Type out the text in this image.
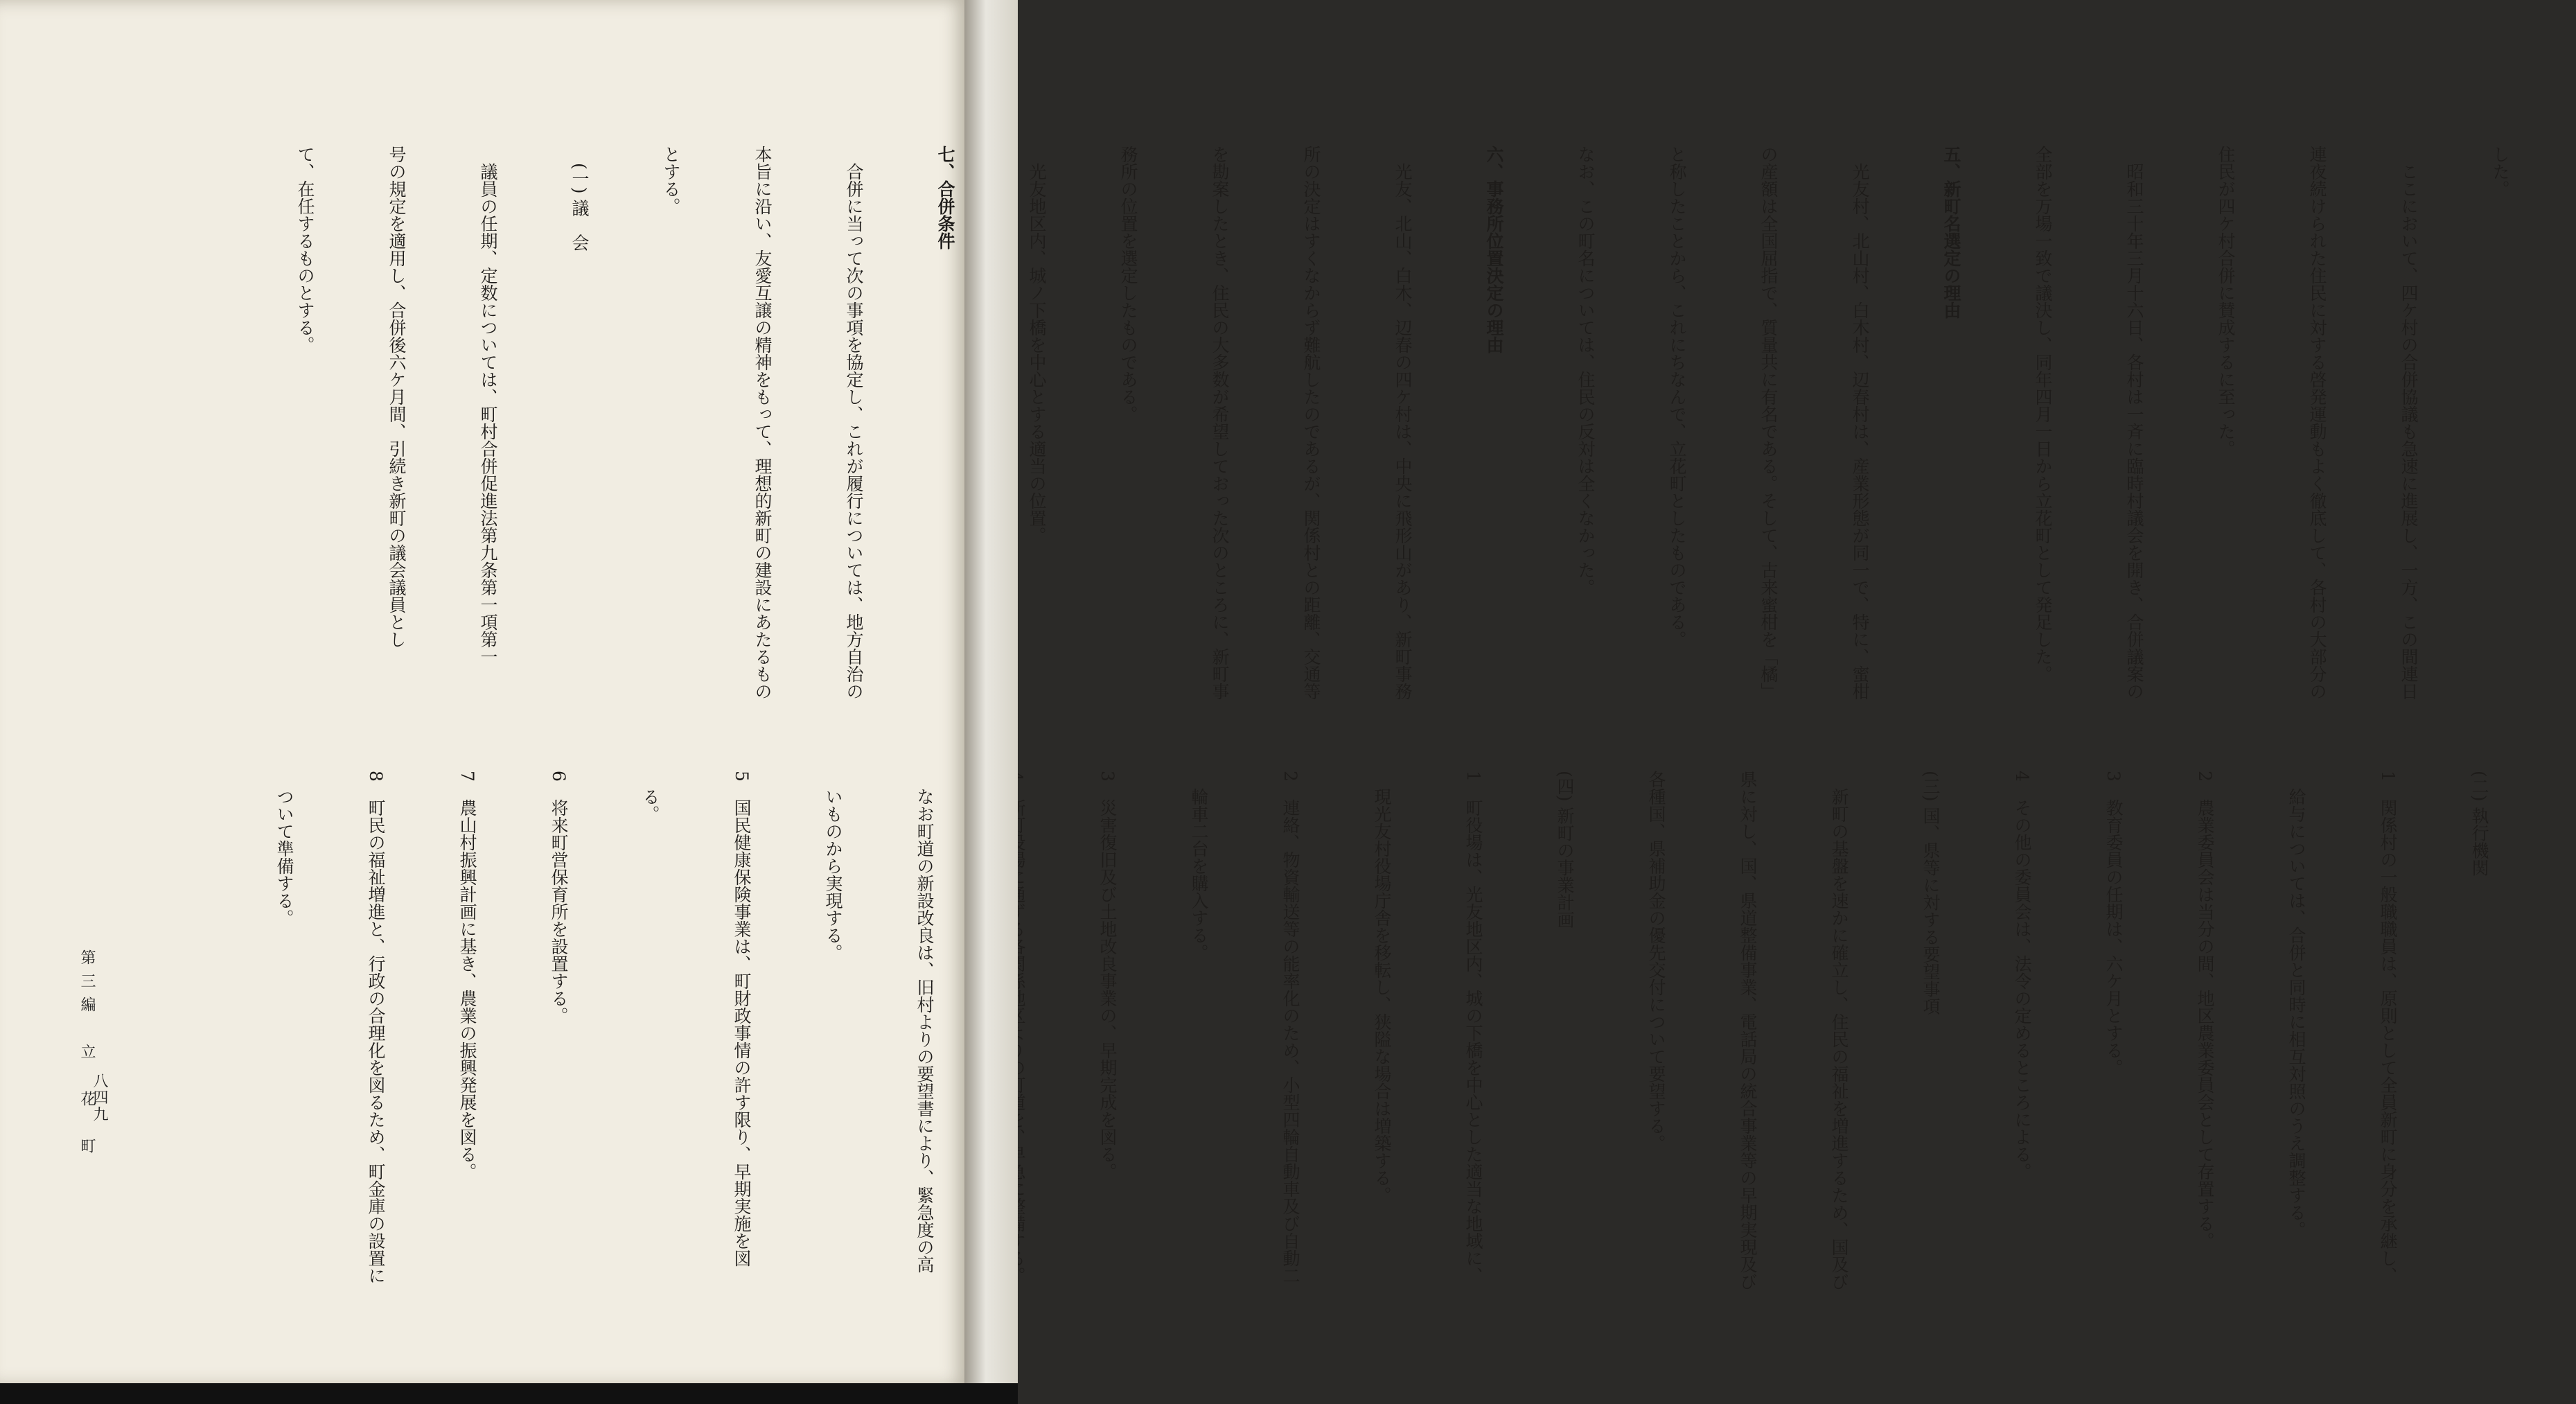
した。

ここにおいて、四ケ村の合併協議も急速に進展し、一方、この間連日

連夜続けられた住民に対する啓発運動もよく徹底して、各村の大部分の

住民が四ケ村合併に賛成するに至った。

昭和三十年三月十六日、各村は一斉に臨時村議会を開き、合併議案の

全部を万場一致で議決し、同年四月一日から立花町として発足した。

五、新町名選定の理由

光友村、北山村、白木村、辺春村は、産業形態が同一で、特に、蜜柑

の産額は全国屈指で、質量共に有名である。そして、古来蜜柑を「橘」

と称したことから、これにちなんで、立花町としたものである。

なお、この町名については、住民の反対は全くなかった。

六、事務所位置決定の理由

光友、北山、白木、辺春の四ケ村は、中央に飛形山があり、新町事務

所の決定はすくなからず難航したのであるが、関係村との距離、交通等

を勘案したとき、住民の大多数が希望しておった次のところに、新町事

務所の位置を選定したものである。

光友地区内、城ノ下橋を中心とする適当の位置。

七、合併条件

合併に当って次の事項を協定し、これが履行については、地方自治の

本旨に沿い、友愛互譲の精神をもって、理想的新町の建設にあたるもの

とする。

(一) 議　会

議員の任期、定数については、町村合併促進法第九条第一項第一

号の規定を適用し、合併後六ケ月間、引続き新町の議会議員とし

て、在任するものとする。

(二) 執行機関

1　関係村の一般職職員は、原則として全員新町に身分を承継し、

給与については、合併と同時に相互対照のうえ調整する。

2　農業委員会は当分の間、地区農業委員会として存置する。

3　教育委員の任期は、六ケ月とする。

4　その他の委員会は、法令の定めるところによる。

(三) 国、県等に対する要望事項

新町の基盤を速かに確立し、住民の福祉を増進するため、国及び

県に対し、国、県道整備事業、電話局の統合事業等の早期実現及び

各種国、県補助金の優先交付について要望する。

(四) 新町の事業計画

1　町役場は、光友地区内、城の下橋を中心とした適当な地域に、

現光友村役場庁舎を移転し、狭隘な場合は増築する。

2　連絡、物資輸送等の能率化のため、小型四輪自動車及び自動二

輪車二台を購入する。

3　災害復旧及び土地改良事業の、早期完成を図る。

なお町道の新設改良は、旧村よりの要望書により、緊急度の高

いものから実現する。

5　国民健康保険事業は、町財政事情の許す限り、早期実施を図

る。

6　将来町営保育所を設置する。

7　農山村振興計画に基き、農業の振興発展を図る。

8　町民の福祉増進と、行政の合理化を図るため、町金庫の設置に

ついて準備する。

第三編　立　花　町
八四九
